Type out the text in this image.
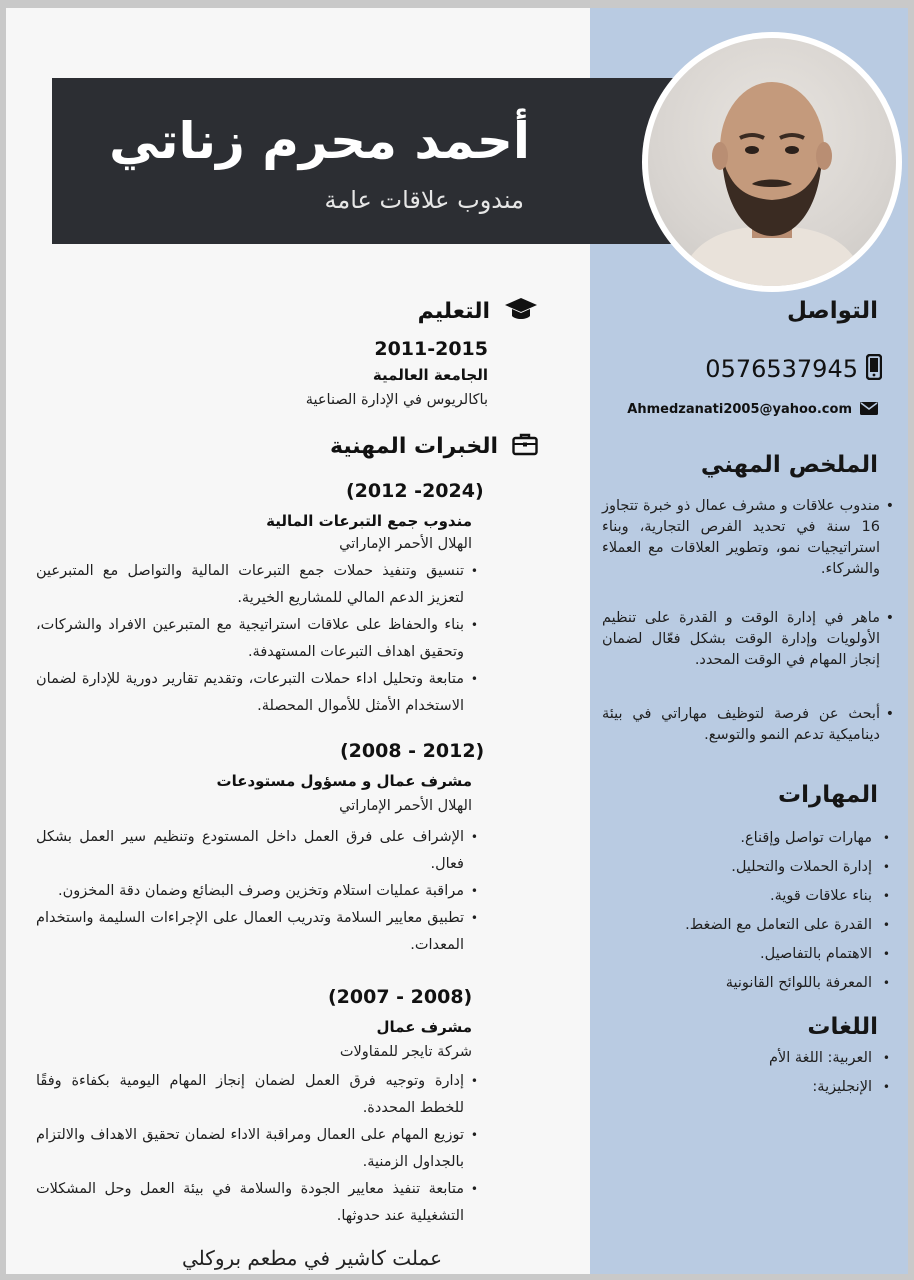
أحمد محرم زناتي
مندوب علاقات عامة
التواصل
0576537945
Ahmedzanati2005@yahoo.com
الملخص المهني
• مندوب علاقات و مشرف عمال ذو خبرة تتجاوز 16 سنة في تحديد الفرص التجارية، وبناء استراتيجيات نمو، وتطوير العلاقات مع العملاء والشركاء.
• ماهر في إدارة الوقت و القدرة على تنظيم الأولويات وإدارة الوقت بشكل فعّال لضمان إنجاز المهام في الوقت المحدد.
• أبحث عن فرصة لتوظيف مهاراتي في بيئة ديناميكية تدعم النمو والتوسع.
المهارات
• مهارات تواصل وإقناع.
• إدارة الحملات والتحليل.
• بناء علاقات قوية.
• القدرة على التعامل مع الضغط.
• الاهتمام بالتفاصيل.
• المعرفة باللوائح القانونية
اللغات
• العربية: اللغة الأم
• الإنجليزية:
التعليم
2011-2015
الجامعة العالمية
باكالريوس في الإدارة الصناعية
الخبرات المهنية
(2012 -2024)
مندوب جمع التبرعات المالية
الهلال الأحمر الإماراتي
• تنسيق وتنفيذ حملات جمع التبرعات المالية والتواصل مع المتبرعين لتعزيز الدعم المالي للمشاريع الخيرية.
• بناء والحفاظ على علاقات استراتيجية مع المتبرعين الافراد والشركات، وتحقيق اهداف التبرعات المستهدفة.
• متابعة وتحليل اداء حملات التبرعات، وتقديم تقارير دورية للإدارة لضمان الاستخدام الأمثل للأموال المحصلة.
(2008 - 2012)
مشرف عمال و مسؤول مستودعات
الهلال الأحمر الإماراتي
• الإشراف على فرق العمل داخل المستودع وتنظيم سير العمل بشكل فعال.
• مراقبة عمليات استلام وتخزين وصرف البضائع وضمان دقة المخزون.
• تطبيق معايير السلامة وتدريب العمال على الإجراءات السليمة واستخدام المعدات.
(2007 - 2008)
مشرف عمال
شركة تايجر للمقاولات
• إدارة وتوجيه فرق العمل لضمان إنجاز المهام اليومية بكفاءة وفقًا للخطط المحددة.
• توزيع المهام على العمال ومراقبة الاداء لضمان تحقيق الاهداف والالتزام بالجداول الزمنية.
• متابعة تنفيذ معايير الجودة والسلامة في بيئة العمل وحل المشكلات التشغيلية عند حدوثها.
عملت كاشير في مطعم بروكلي
